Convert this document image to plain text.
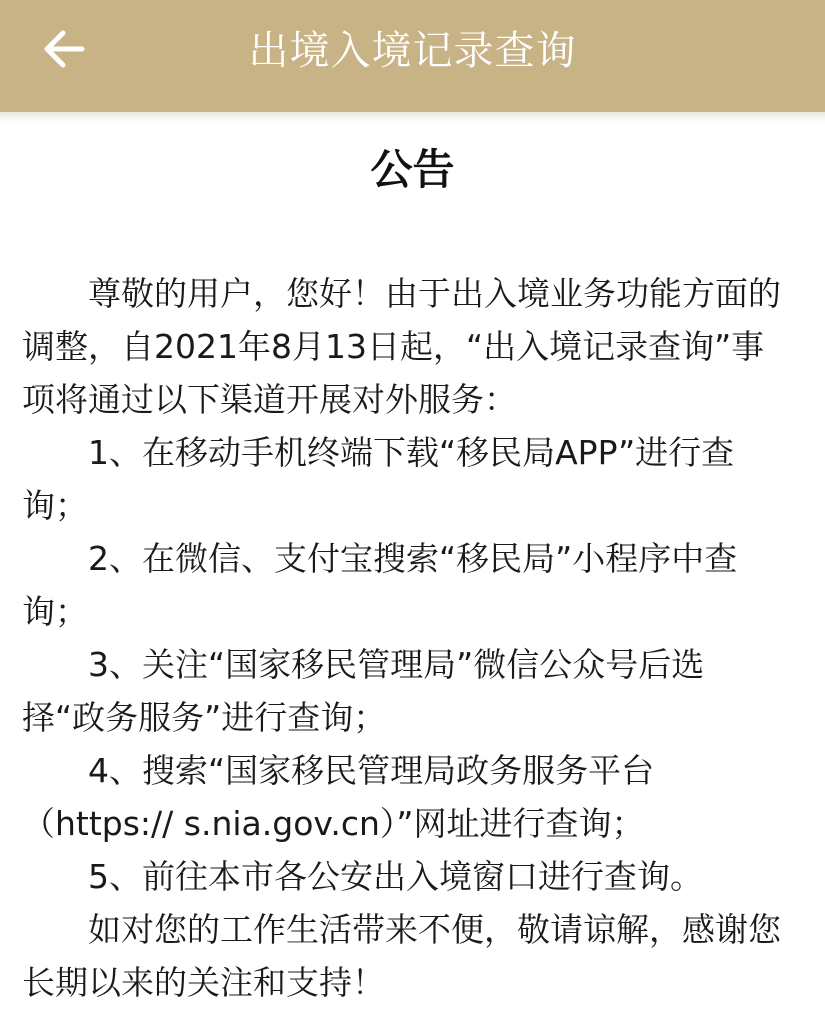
出境入境记录查询
公告

尊敬的用户，您好！由于出入境业务功能方面的调整，自2021年8月13日起，“出入境记录查询”事项将通过以下渠道开展对外服务：

1、在移动手机终端下载“移民局APP”进行查询；

2、在微信、支付宝搜索“移民局”小程序中查询；

3、关注“国家移民管理局”微信公众号后选择“政务服务”进行查询；

4、搜索“国家移民管理局政务服务平台（https:// s.nia.gov.cn）”网址进行查询；

5、前往本市各公安出入境窗口进行查询。

如对您的工作生活带来不便，敬请谅解，感谢您长期以来的关注和支持！
